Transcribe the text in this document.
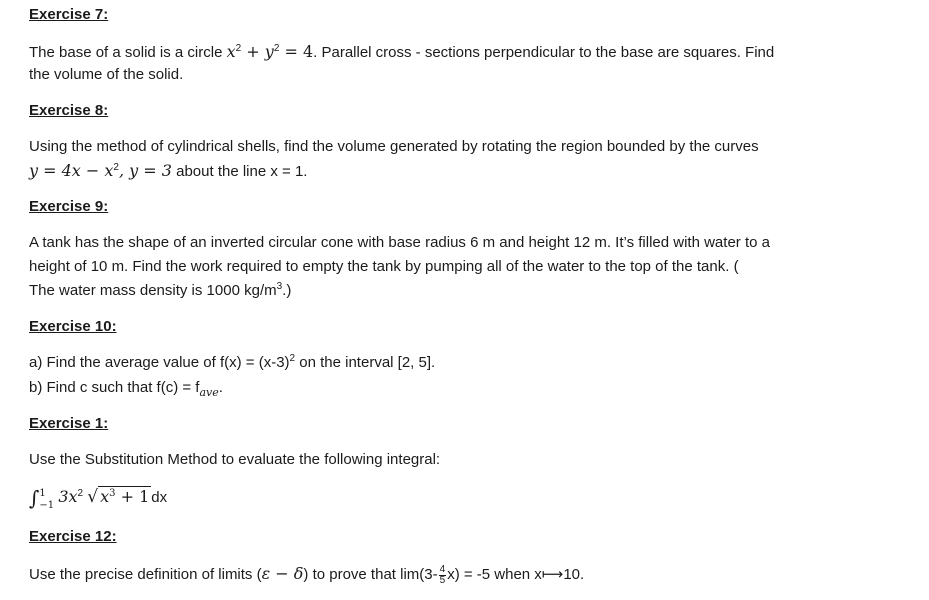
Exercise 7:
The base of a solid is a circle $x^2 + y^2 = 4$. Parallel cross - sections perpendicular to the base are squares. Find
the volume of the solid.
Exercise 8:
Using the method of cylindrical shells, find the volume generated by rotating the region bounded by the curves
$y = 4x - x^2$, y = 3 about the line x = 1.
Exercise 9:
A tank has the shape of an inverted circular cone with base radius 6 m and height 12 m. It’s filled with water to a
height of 10 m. Find the work required to empty the tank by pumping all of the water to the top of the tank. (
The water mass density is 1000 $kg/m^3$.)
Exercise 10:
a) Find the average value of $f(x) = (x-3)^2$ on the interval [2, 5].
b) Find c such that $f(c) = f_{ave}$.
Exercise 1:
Use the Substitution Method to evaluate the following integral:
∫ 1
−1 $3x^2$ √ $x^3 + 1$ dx
Exercise 12:
Use the precise definition of limits (ε − δ) to prove that $\lim(3- \frac{4}{5} x) = -5$ when x⟼10.
